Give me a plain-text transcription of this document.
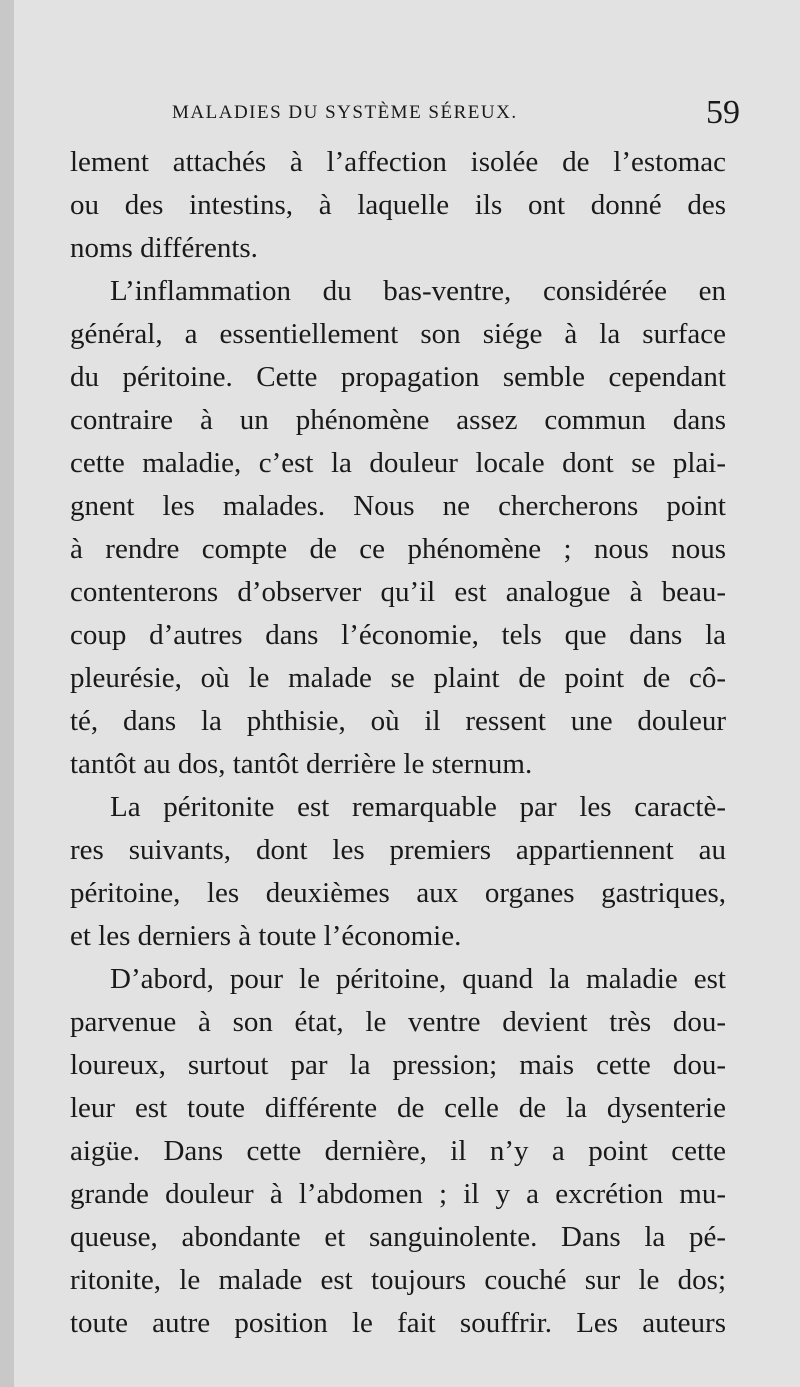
MALADIES DU SYSTÈME SÉREUX.	59
lement attachés à l’affection isolée de l’estomac
ou des intestins, à laquelle ils ont donné des
noms différents.
L’inflammation du bas-ventre, considérée en
général, a essentiellement son siége à la surface
du péritoine. Cette propagation semble cependant
contraire à un phénomène assez commun dans
cette maladie, c’est la douleur locale dont se plai-
gnent les malades. Nous ne chercherons point
à rendre compte de ce phénomène ; nous nous
contenterons d’observer qu’il est analogue à beau-
coup d’autres dans l’économie, tels que dans la
pleurésie, où le malade se plaint de point de cô-
té, dans la phthisie, où il ressent une douleur
tantôt au dos, tantôt derrière le sternum.
La péritonite est remarquable par les caractè-
res suivants, dont les premiers appartiennent au
péritoine, les deuxièmes aux organes gastriques,
et les derniers à toute l’économie.
D’abord, pour le péritoine, quand la maladie est
parvenue à son état, le ventre devient très dou-
loureux, surtout par la pression; mais cette dou-
leur est toute différente de celle de la dysenterie
aigüe. Dans cette dernière, il n’y a point cette
grande douleur à l’abdomen ; il y a excrétion mu-
queuse, abondante et sanguinolente. Dans la pé-
ritonite, le malade est toujours couché sur le dos;
toute autre position le fait souffrir. Les auteurs
